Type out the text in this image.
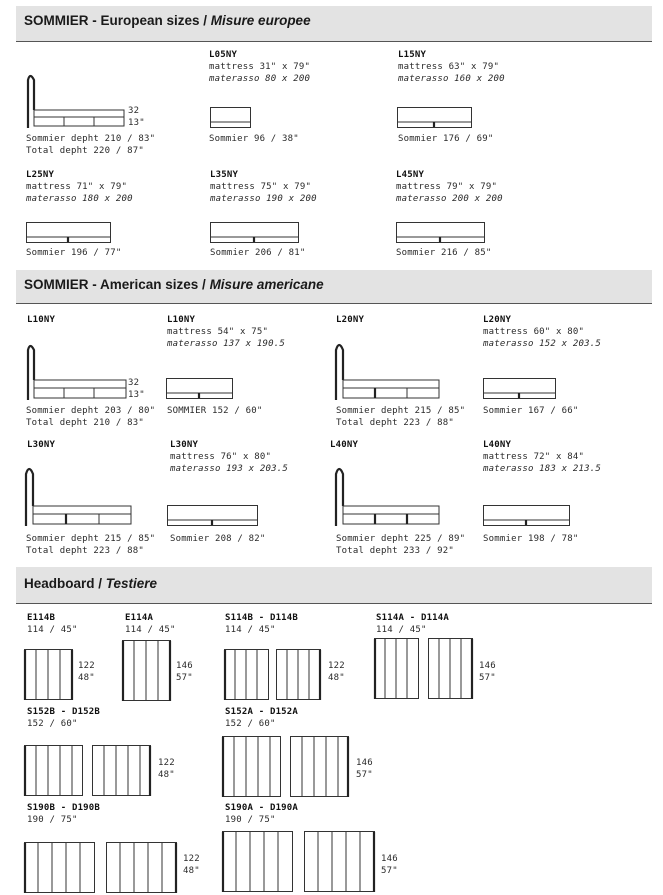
SOMMIER - European sizes / Misure europee
32
13"
Sommier depht 210 / 83"
Total depht 220 / 87"
L05NY
mattress 31" x 79"
materasso 80 x 200
Sommier 96 / 38"
L15NY
mattress 63" x 79"
materasso 160 x 200
Sommier 176 / 69"
L25NY
mattress 71" x 79"
materasso 180 x 200
Sommier 196 / 77"
L35NY
mattress 75" x 79"
materasso 190 x 200
Sommier 206 / 81"
L45NY
mattress 79" x 79"
materasso 200 x 200
Sommier 216 / 85"
SOMMIER - American sizes / Misure americane
L10NY
32
13"
Sommier depht 203 / 80"
Total depht 210 / 83"
L10NY
mattress 54" x 75"
materasso 137 x 190.5
SOMMIER 152 / 60"
L20NY
Sommier depht 215 / 85"
Total depht 223 / 88"
L20NY
mattress 60" x 80"
materasso 152 x 203.5
Sommier 167 / 66"
L30NY
Sommier depht 215 / 85"
Total depht 223 / 88"
L30NY
mattress 76" x 80"
materasso 193 x 203.5
Sommier 208 / 82"
L40NY
Sommier depht 225 / 89"
Total depht 233 / 92"
L40NY
mattress 72" x 84"
materasso 183 x 213.5
Sommier 198 / 78"
Headboard / Testiere
E114B
114 / 45"
122
48"
E114A
114 / 45"
146
57"
S114B - D114B
114 / 45"
122
48"
S114A - D114A
114 / 45"
146
57"
S152B - D152B
152 / 60"
122
48"
S152A - D152A
152 / 60"
146
57"
S190B - D190B
190 / 75"
122
48"
S190A - D190A
190 / 75"
146
57"
